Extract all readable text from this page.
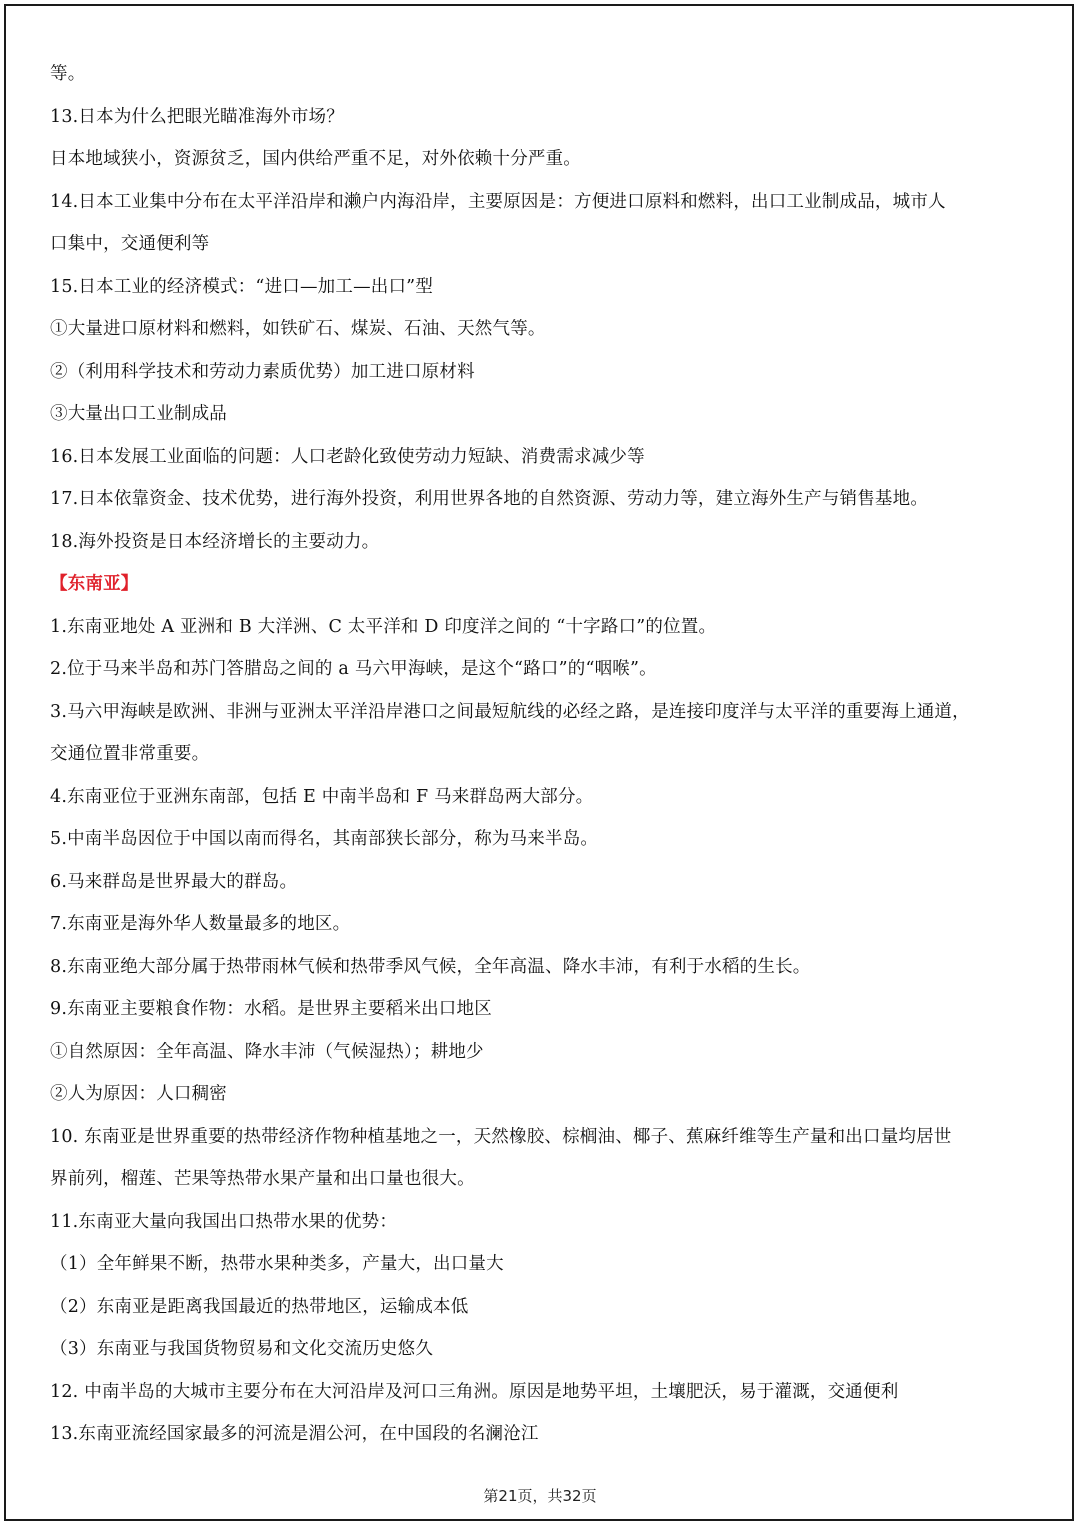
等。
13.日本为什么把眼光瞄准海外市场？
日本地域狭小，资源贫乏，国内供给严重不足，对外依赖十分严重。
14.日本工业集中分布在太平洋沿岸和濑户内海沿岸，主要原因是：方便进口原料和燃料，出口工业制成品，城市人
口集中，交通便利等
15.日本工业的经济模式：“进口—加工—出口”型
①大量进口原材料和燃料，如铁矿石、煤炭、石油、天然气等。
②（利用科学技术和劳动力素质优势）加工进口原材料
③大量出口工业制成品
16.日本发展工业面临的问题：人口老龄化致使劳动力短缺、消费需求减少等
17.日本依靠资金、技术优势，进行海外投资，利用世界各地的自然资源、劳动力等，建立海外生产与销售基地。
18.海外投资是日本经济增长的主要动力。
【东南亚】
1.东南亚地处 A 亚洲和 B 大洋洲、C 太平洋和 D 印度洋之间的 “十字路口”的位置。
2.位于马来半岛和苏门答腊岛之间的 a 马六甲海峡，是这个“路口”的“咽喉”。
3.马六甲海峡是欧洲、非洲与亚洲太平洋沿岸港口之间最短航线的必经之路，是连接印度洋与太平洋的重要海上通道，
交通位置非常重要。
4.东南亚位于亚洲东南部，包括 E 中南半岛和 F 马来群岛两大部分。
5.中南半岛因位于中国以南而得名，其南部狭长部分，称为马来半岛。
6.马来群岛是世界最大的群岛。
7.东南亚是海外华人数量最多的地区。
8.东南亚绝大部分属于热带雨林气候和热带季风气候，全年高温、降水丰沛，有利于水稻的生长。
9.东南亚主要粮食作物：水稻。是世界主要稻米出口地区
①自然原因：全年高温、降水丰沛（气候湿热）；耕地少
②人为原因：人口稠密
10. 东南亚是世界重要的热带经济作物种植基地之一，天然橡胶、棕榈油、椰子、蕉麻纤维等生产量和出口量均居世
界前列，榴莲、芒果等热带水果产量和出口量也很大。
11.东南亚大量向我国出口热带水果的优势：
（1）全年鲜果不断，热带水果种类多，产量大，出口量大
（2）东南亚是距离我国最近的热带地区，运输成本低
（3）东南亚与我国货物贸易和文化交流历史悠久
12. 中南半岛的大城市主要分布在大河沿岸及河口三角洲。原因是地势平坦，土壤肥沃，易于灌溉，交通便利
13.东南亚流经国家最多的河流是湄公河，在中国段的名澜沧江
第21页，共32页
